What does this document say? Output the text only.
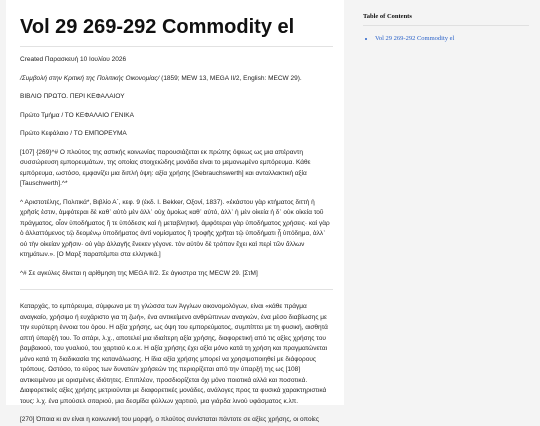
Vol 29 269-292 Commodity el

Created Παρασκευή 10 Ιουλίου 2026

/Συμβολή στην Κριτική της Πολιτικής Οικονομίας/ (1859; MEW 13, MEGA II/2, English: MECW 29).

ΒΙΒΛΙΟ ΠΡΩΤΟ. ΠΕΡΙ ΚΕΦΑΛΑΙΟΥ

Πρώτο Τμήμα / ΤΟ ΚΕΦΑΛΑΙΟ ΓΕΝΙΚΑ

Πρώτο Κεφάλαιο / ΤΟ ΕΜΠΟΡΕΥΜΑ

[107] {269}^# Ο πλούτος της αστικής κοινωνίας παρουσιάζεται εκ πρώτης όψεως ως μια απέραντη συσσώρευση εμπορευμάτων, της οποίας στοιχειώδης μονάδα είναι το μεμονωμένο εμπόρευμα. Κάθε εμπόρευμα, ωστόσο, εμφανίζει μια διπλή όψη: αξία χρήσης [Gebrauchswerth] και ανταλλακτική αξία [Tauschwerth].^*

^ Αριστοτέλης, Πολιτικά*, Βιβλίο Α΄, κεφ. 9 (έκδ. I. Bekker, Οξονί, 1837). «ἑκάστου γὰρ κτήματος διττὴ ἡ χρῆσίς ἐστιν, ἀμφότεραι δὲ καθ᾽ αὑτὸ μὲν ἀλλ᾽ οὐχ ὁμοίως καθ᾽ αὑτό, ἀλλ᾽ ἡ μὲν οἰκεία ἡ δ᾽ οὐκ οἰκεία τοῦ πράγματος, οἷον ὑποδήματος ἥ τε ὑπόδεσις καὶ ἡ μεταβλητική. ἀμφότεραι γὰρ ὑποδήματος χρήσεις· καὶ γὰρ ὁ ἀλλαττόμενος τῷ δεομένῳ ὑποδήματος ἀντὶ νομίσματος ἢ τροφῆς χρῆται τῷ ὑποδήματι ᾗ ὑπόδημα, ἀλλ᾽ οὐ τὴν οἰκείαν χρῆσιν· οὐ γὰρ ἀλλαγῆς ἕνεκεν γέγονε. τὸν αὐτὸν δὲ τρόπον ἔχει καὶ περὶ τῶν ἄλλων κτημάτων.». [Ο Μαρξ παραπέμπει στα ελληνικά.]

^# Σε αγκύλες δίνεται η αρίθμηση της MEGA II/2. Σε άγκιστρα της MECW 29. [ΣτΜ]

Καταρχάς, το εμπόρευμα, σύμφωνα με τη γλώσσα των Άγγλων οικονομολόγων, είναι «κάθε πράγμα αναγκαίο, χρήσιμο ή ευχάριστο για τη ζωή», ένα αντικείμενο ανθρώπινων αναγκών, ένα μέσο διαβίωσης με την ευρύτερη έννοια του όρου. Η αξία χρήσης, ως όψη του εμπορεύματος, συμπίπτει με τη φυσική, αισθητά απτή ύπαρξή του. Το σιτάρι, λ.χ., αποτελεί μια ιδιαίτερη αξία χρήσης, διαφορετική από τις αξίες χρήσης του βαμβακιού, του γυαλιού, του χαρτιού κ.ο.κ. Η αξία χρήσης έχει αξία μόνο κατά τη χρήση και πραγματώνεται μόνο κατά τη διαδικασία της κατανάλωσης. Η ίδια αξία χρήσης μπορεί να χρησιμοποιηθεί με διάφορους τρόπους. Ωστόσο, το εύρος των δυνατών χρήσεών της περιορίζεται από την ύπαρξή της ως [108] αντικειμένου με ορισμένες ιδιότητες. Επιπλέον, προσδιορίζεται όχι μόνο ποιοτικά αλλά και ποσοτικά. Διαφορετικές αξίες χρήσης μετριούνται με διαφορετικές μονάδες, ανάλογες προς τα φυσικά χαρακτηριστικά τους: λ.χ. ένα μπούσελ σιταριού, μια δεσμίδα φύλλων χαρτιού, μια γιάρδα λινού υφάσματος κ.λπ.

[270] Όποια κι αν είναι η κοινωνική του μορφή, ο πλούτος συνίσταται πάντοτε σε αξίες χρήσης, οι οποίες

Table of Contents
• Vol 29 269-292 Commodity el
